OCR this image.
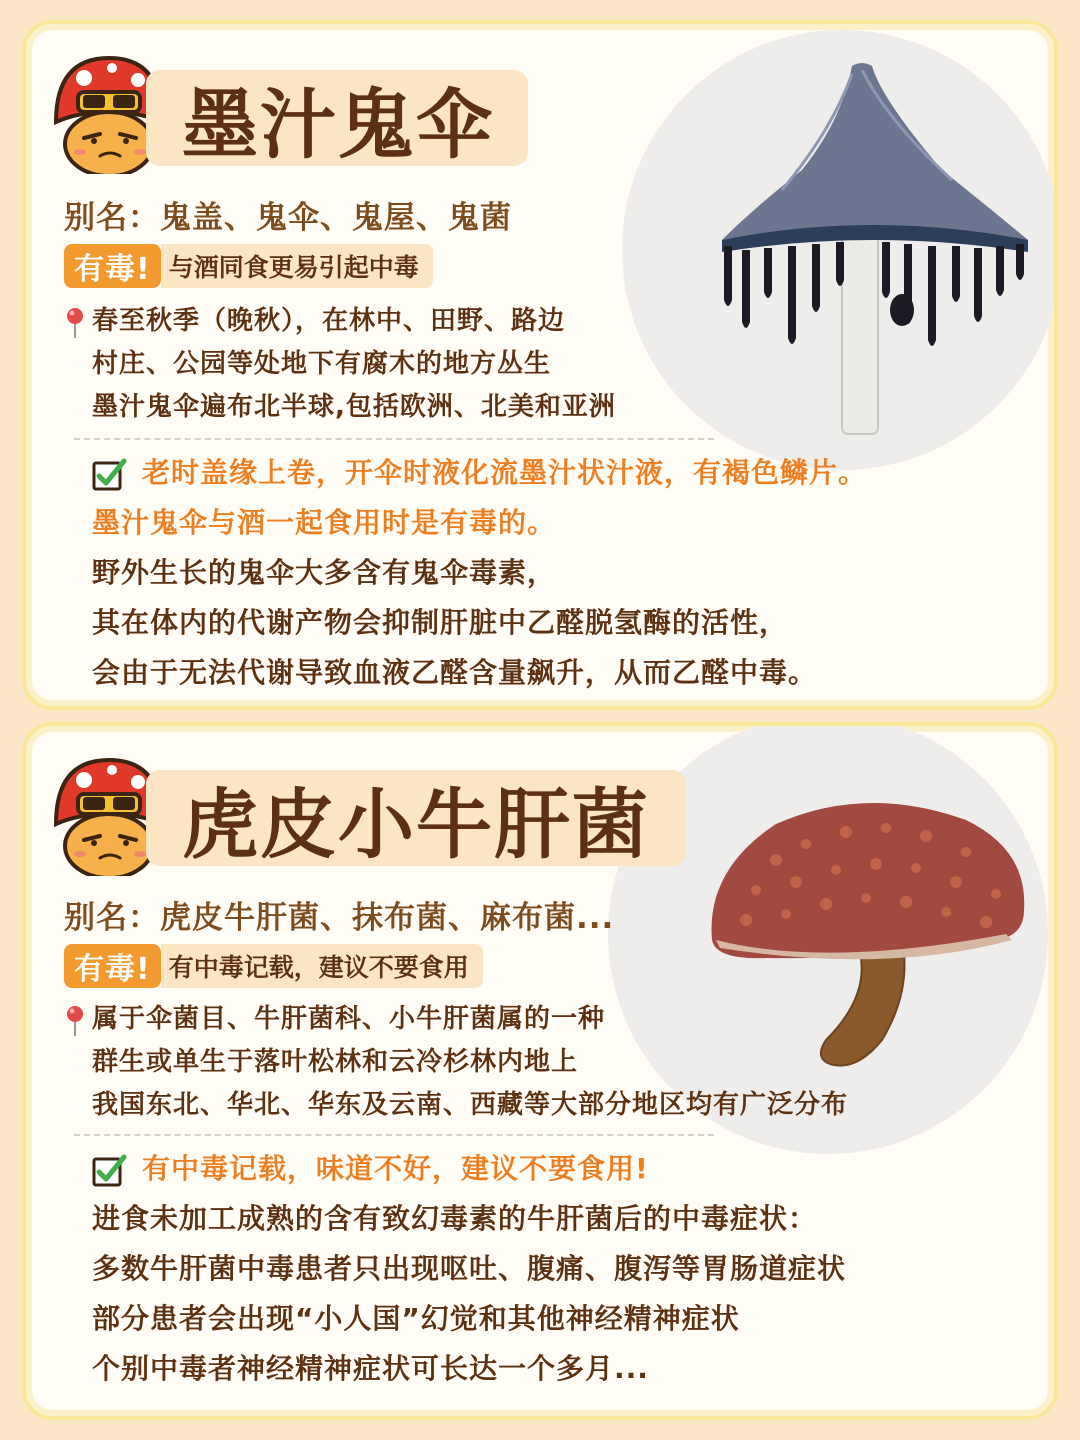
墨汁鬼伞
别名：鬼盖、鬼伞、鬼屋、鬼菌
有毒! 与酒同食更易引起中毒
春至秋季（晚秋），在林中、田野、路边
村庄、公园等处地下有腐木的地方丛生
墨汁鬼伞遍布北半球,包括欧洲、北美和亚洲
老时盖缘上卷，开伞时液化流墨汁状汁液，有褐色鳞片。
墨汁鬼伞与酒一起食用时是有毒的。
野外生长的鬼伞大多含有鬼伞毒素，
其在体内的代谢产物会抑制肝脏中乙醛脱氢酶的活性，
会由于无法代谢导致血液乙醛含量飙升，从而乙醛中毒。
虎皮小牛肝菌
别名：虎皮牛肝菌、抹布菌、麻布菌...
有毒! 有中毒记载，建议不要食用
属于伞菌目、牛肝菌科、小牛肝菌属的一种
群生或单生于落叶松林和云冷杉林内地上
我国东北、华北、华东及云南、西藏等大部分地区均有广泛分布
有中毒记载，味道不好，建议不要食用!
进食未加工成熟的含有致幻毒素的牛肝菌后的中毒症状：
多数牛肝菌中毒患者只出现呕吐、腹痛、腹泻等胃肠道症状
部分患者会出现“小人国”幻觉和其他神经精神症状
个别中毒者神经精神症状可长达一个多月...
